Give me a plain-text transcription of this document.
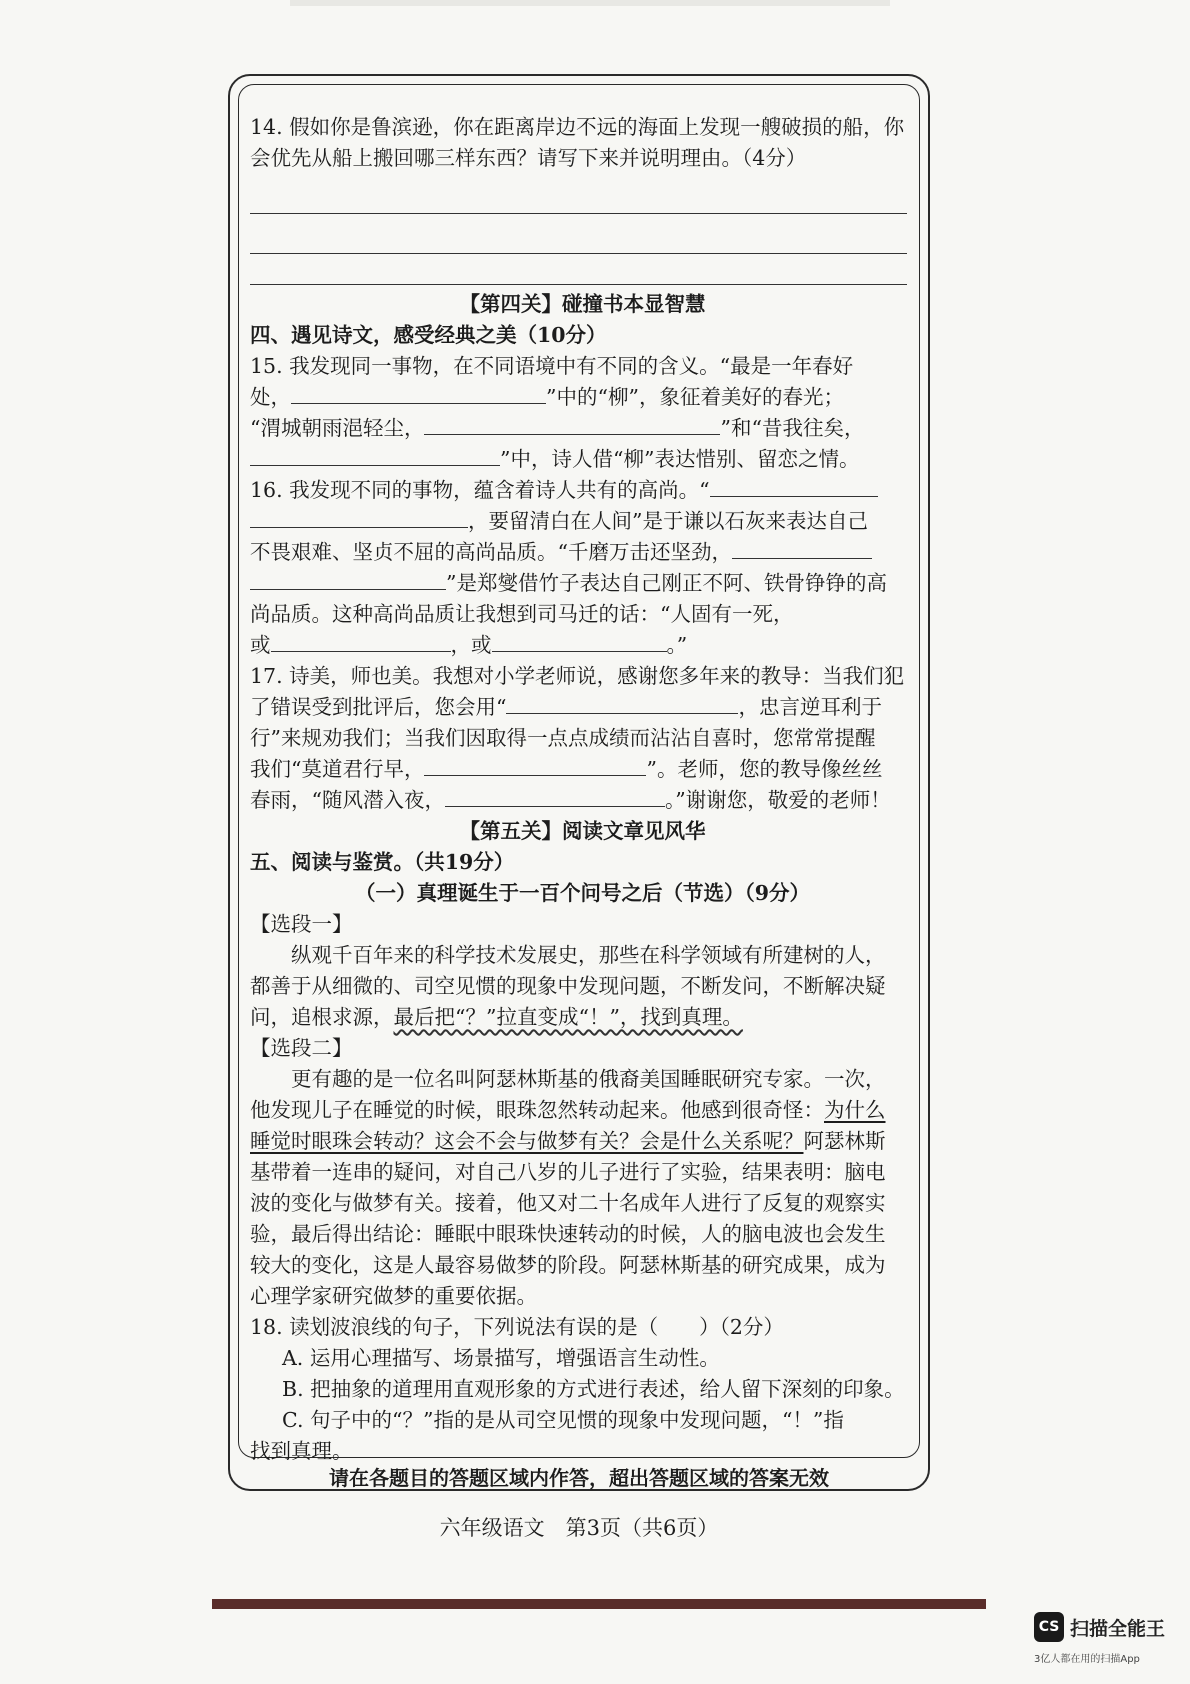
14. 假如你是鲁滨逊，你在距离岸边不远的海面上发现一艘破损的船，你

会优先从船上搬回哪三样东西？请写下来并说明理由。（4分）

【第四关】碰撞书本显智慧

四、遇见诗文，感受经典之美（10分）

15. 我发现同一事物，在不同语境中有不同的含义。“最是一年春好

处，	”中的“柳”，象征着美好的春光；

“渭城朝雨浥轻尘，	”和“昔我往矣，

”中，诗人借“柳”表达惜别、留恋之情。

16. 我发现不同的事物，蕴含着诗人共有的高尚。“

，要留清白在人间”是于谦以石灰来表达自己

不畏艰难、坚贞不屈的高尚品质。“千磨万击还坚劲，

”是郑燮借竹子表达自己刚正不阿、铁骨铮铮的高

尚品质。这种高尚品质让我想到司马迁的话：“人固有一死，

或	，或	。”

17. 诗美，师也美。我想对小学老师说，感谢您多年来的教导：当我们犯

了错误受到批评后，您会用“	，忠言逆耳利于

行”来规劝我们；当我们因取得一点点成绩而沾沾自喜时，您常常提醒

我们“莫道君行早，	”。老师，您的教导像丝丝

春雨，“随风潜入夜，	。”谢谢您，敬爱的老师！

【第五关】阅读文章见风华

五、阅读与鉴赏。（共19分）

（一）真理诞生于一百个问号之后（节选）（9分）

【选段一】

纵观千百年来的科学技术发展史，那些在科学领域有所建树的人，

都善于从细微的、司空见惯的现象中发现问题，不断发问，不断解决疑

问，追根求源，最后把“？”拉直变成“！”，找到真理。

【选段二】

更有趣的是一位名叫阿瑟林斯基的俄裔美国睡眠研究专家。一次，

他发现儿子在睡觉的时候，眼珠忽然转动起来。他感到很奇怪：为什么

睡觉时眼珠会转动？这会不会与做梦有关？会是什么关系呢？阿瑟林斯

基带着一连串的疑问，对自己八岁的儿子进行了实验，结果表明：脑电

波的变化与做梦有关。接着，他又对二十名成年人进行了反复的观察实

验，最后得出结论：睡眠中眼珠快速转动的时候，人的脑电波也会发生

较大的变化，这是人最容易做梦的阶段。阿瑟林斯基的研究成果，成为

心理学家研究做梦的重要依据。

18. 读划波浪线的句子，下列说法有误的是（　　）（2分）

A. 运用心理描写、场景描写，增强语言生动性。

B. 把抽象的道理用直观形象的方式进行表述，给人留下深刻的印象。

C. 句子中的“？”指的是从司空见惯的现象中发现问题，“！”指

找到真理。

请在各题目的答题区域内作答，超出答题区域的答案无效
六年级语文　第3页（共6页）
CS 扫描全能王
3亿人都在用的扫描App
